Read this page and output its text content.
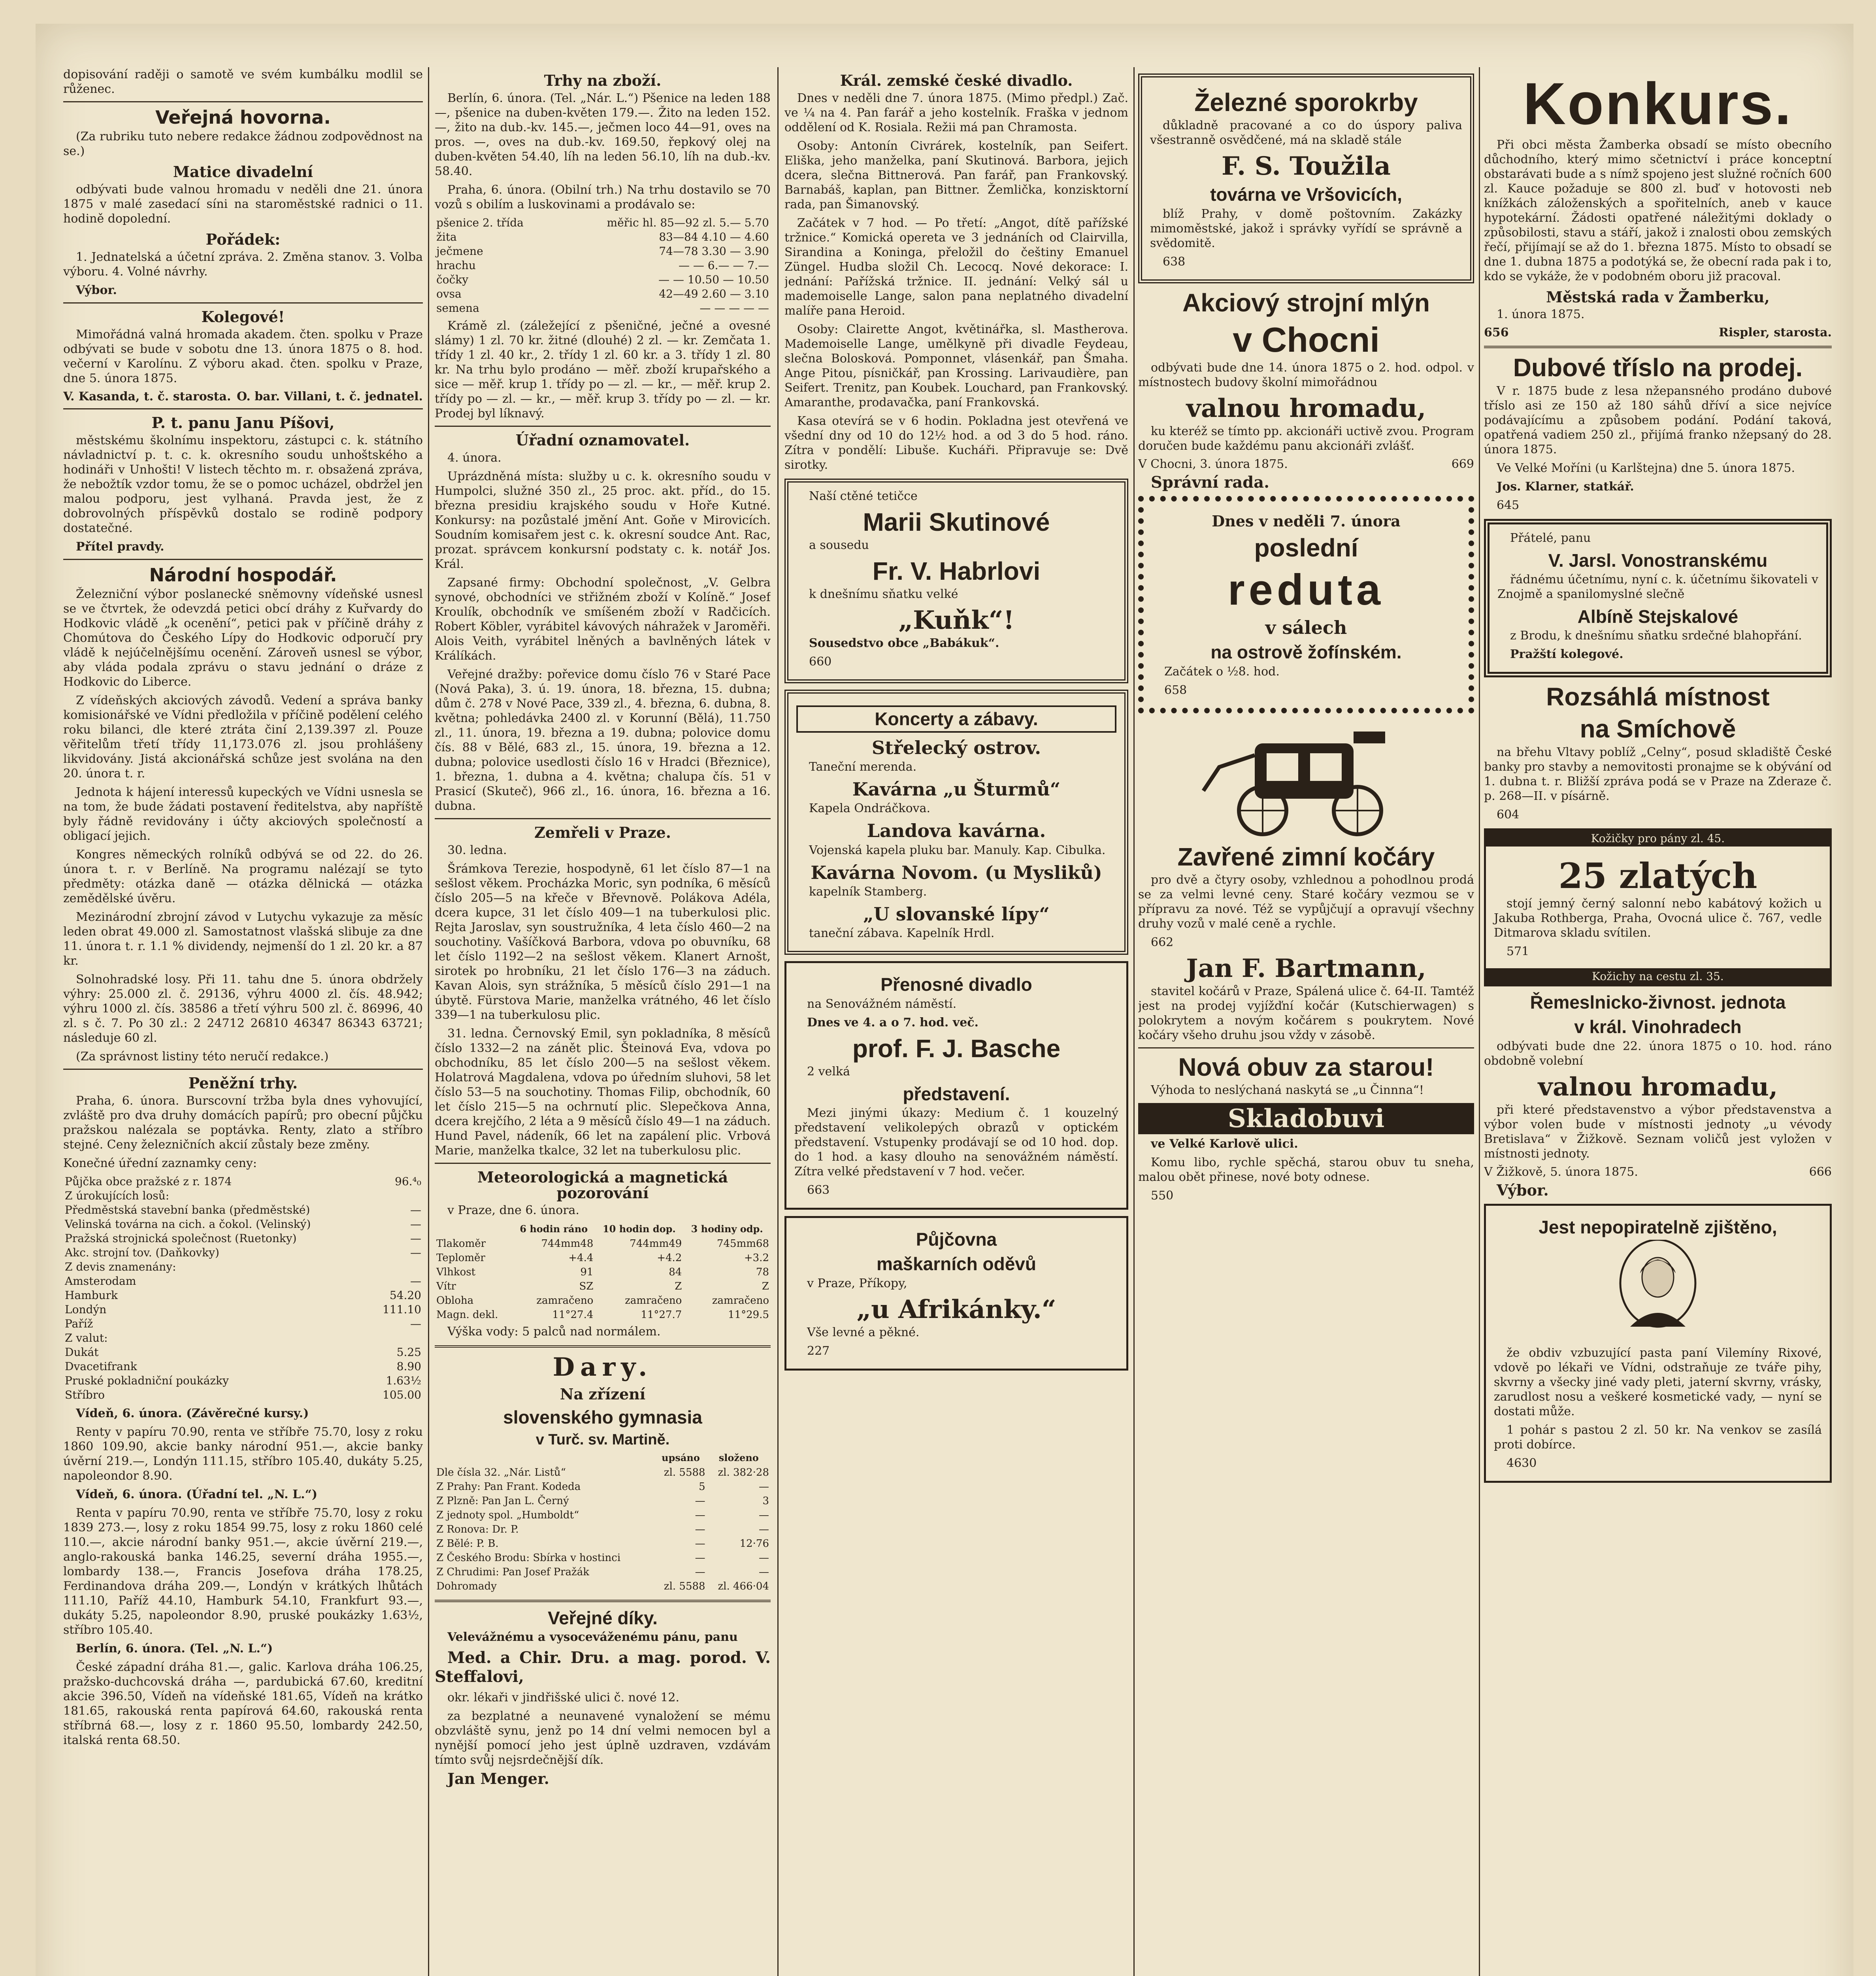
dopisování raději o samotě ve svém kumbálku modlil se růženec.

Veřejná hovorna.

(Za rubriku tuto nebere redakce žádnou zodpovědnost na se.)

Matice divadelní

odbývati bude valnou hromadu v neděli dne 21. února 1875 v malé zasedací síni na staroměstské radnici o 11. hodině dopolední.

Pořádek:

1. Jednatelská a účetní zpráva. 2. Změna stanov. 3. Volba výboru. 4. Volné návrhy.

Výbor.

Kolegové!

Mimořádná valná hromada akadem. čten. spolku v Praze odbývati se bude v sobotu dne 13. února 1875 o 8. hod. večerní v Karolínu. Z výboru akad. čten. spolku v Praze, dne 5. února 1875.

V. Kasanda, t. č. starosta. O. bar. Villani, t. č. jednatel.
P. t. panu Janu Píšovi,

městskému školnímu inspektoru, zástupci c. k. státního návladnictví p. t. c. k. okresního soudu unhoštského a hodináři v Unhošti! V listech těchto m. r. obsažená zpráva, že nebožtík vzdor tomu, že se o pomoc ucházel, obdržel jen malou podporu, jest vylhaná. Pravda jest, že z dobrovolných příspěvků dostalo se rodině podpory dostatečné.

Přítel pravdy.

Národní hospodář.

Železniční výbor poslanecké sněmovny vídeňské usnesl se ve čtvrtek, že odevzdá petici obcí dráhy z Kuřvardy do Hodkovic vládě „k ocenění“, petici pak v příčině dráhy z Chomútova do Českého Lípy do Hodkovic odporučí pry vládě k nejúčelnějšímu ocenění. Zároveň usnesl se výbor, aby vláda podala zprávu o stavu jednání o dráze z Hodkovic do Liberce.

Z vídeňských akciových závodů. Vedení a správa banky komisionářské ve Vídni předložila v příčině podělení celého roku bilanci, dle které ztráta činí 2,139.397 zl. Pouze věřitelům třetí třídy 11,173.076 zl. jsou prohlášeny likvidovány. Jistá akcionářská schůze jest svolána na den 20. února t. r.

Jednota k hájení interessů kupeckých ve Vídni usnesla se na tom, že bude žádati postavení ředitelstva, aby napříště byly řádně revidovány i účty akciových společností a obligací jejich.

Kongres německých rolníků odbývá se od 22. do 26. února t. r. v Berlíně. Na programu nalézají se tyto předměty: otázka daně — otázka dělnická — otázka zemědělské úvěru.

Mezinárodní zbrojní závod v Lutychu vykazuje za měsíc leden obrat 49.000 zl. Samostatnost vlašská slibuje za dne 11. února t. r. 1.1 % dividendy, nejmenší do 1 zl. 20 kr. a 87 kr.

Solnohradské losy. Při 11. tahu dne 5. února obdržely výhry: 25.000 zl. č. 29136, výhru 4000 zl. čís. 48.942; výhru 1000 zl. čís. 38586 a třetí výhru 500 zl. č. 86996, 40 zl. s č. 7. Po 30 zl.: 2 24712 26810 46347 86343 63721; následuje 60 zl.

(Za správnost listiny této neručí redakce.)

Peněžní trhy.

Praha, 6. února. Burscovní tržba byla dnes vyhovující, zvláště pro dva druhy domácích papírů; pro obecní půjčku pražskou nalézala se poptávka. Renty, zlato a stříbro stejné. Ceny železničních akcií zůstaly beze změny.

Konečné úřední zaznamky ceny:

Půjčka obce pražské z r. 1874	96.⁴₀
Z úrokujících losů:	
Předměstská stavební banka (předměstské)	—
Velinská továrna na cich. a čokol. (Velinský)	—
Pražská strojnická společnost (Ruetonky)	—
Akc. strojní tov. (Daňkovky)	—
Z devis znamenány:	
Amsterodam	—
Hamburk	54.20
Londýn	111.10
Paříž	—
Z valut:	
Dukát	5.25
Dvacetifrank	8.90
Pruské pokladniční poukázky	1.63¹⁄₂
Stříbro	105.00

Vídeň, 6. února. (Závěrečné kursy.)

Renty v papíru 70.90, renta ve stříbře 75.70, losy z roku 1860 109.90, akcie banky národní 951.—, akcie banky úvěrní 219.—, Londýn 111.15, stříbro 105.40, dukáty 5.25, napoleondor 8.90.

Vídeň, 6. února. (Úřadní tel. „N. L.“)

Renta v papíru 70.90, renta ve stříbře 75.70, losy z roku 1839 273.—, losy z roku 1854 99.75, losy z roku 1860 celé 110.—, akcie národní banky 951.—, akcie úvěrní 219.—, anglo-rakouská banka 146.25, severní dráha 1955.—, lombardy 138.—, Francis Josefova dráha 178.25, Ferdinandova dráha 209.—, Londýn v krátkých lhůtách 111.10, Paříž 44.10, Hamburk 54.10, Frankfurt 93.—, dukáty 5.25, napoleondor 8.90, pruské poukázky 1.63¹⁄₂, stříbro 105.40.

Berlín, 6. února. (Tel. „N. L.“)

České západní dráha 81.—, galic. Karlova dráha 106.25, pražsko-duchcovská dráha —, pardubická 67.60, kreditní akcie 396.50, Vídeň na vídeňské 181.65, Vídeň na krátko 181.65, rakouská renta papírová 64.60, rakouská renta stříbrná 68.—, losy z r. 1860 95.50, lombardy 242.50, italská renta 68.50.

Trhy na zboží.

Berlín, 6. února. (Tel. „Nár. L.“) Pšenice na leden 188—, pšenice na duben-květen 179.—. Žito na leden 152.—, žito na dub.-kv. 145.—, ječmen loco 44—91, oves na pros. —, oves na dub.-kv. 169.50, řepkový olej na duben-květen 54.40, líh na leden 56.10, líh na dub.-kv. 58.40.

Praha, 6. února. (Obilní trh.) Na trhu dostavilo se 70 vozů s obilím a luskovinami a prodávalo se:

pšenice 2. třída	měřic hl. 85—92 zl. 5.— 5.70
žita	83—84 4.10 — 4.60
ječmene	74—78 3.30 — 3.90
hrachu	— — 6.— — 7.—
čočky	— — 10.50 — 10.50
ovsa	42—49 2.60 — 3.10
semena	— — — — —

Krámě zl. (záležející z pšeničné, ječné a ovesné slámy) 1 zl. 70 kr. žitné (dlouhé) 2 zl. — kr. Zemčata 1. třídy 1 zl. 40 kr., 2. třídy 1 zl. 60 kr. a 3. třídy 1 zl. 80 kr. Na trhu bylo prodáno — měř. zboží krupařského a sice — měř. krup 1. třídy po — zl. — kr., — měř. krup 2. třídy po — zl. — kr., — měř. krup 3. třídy po — zl. — kr. Prodej byl líknavý.

Úřadní oznamovatel.

4. února.

Uprázdněná místa: služby u c. k. okresního soudu v Humpolci, služné 350 zl., 25 proc. akt. příd., do 15. března presidiu krajského soudu v Hoře Kutné. Konkursy: na pozůstalé jmění Ant. Goňe v Mirovicích. Soudním komisařem jest c. k. okresní soudce Ant. Rac, prozat. správcem konkursní podstaty c. k. notář Jos. Král.

Zapsané firmy: Obchodní společnost, „V. Gelbra synové, obchodníci ve střižném zboží v Kolíně.“ Josef Kroulík, obchodník ve smíšeném zboží v Radčicích. Robert Köbler, vyrábitel kávových náhražek v Jaroměři. Alois Veith, vyrábitel lněných a bavlněných látek v Králíkách.

Veřejné dražby: pořevice domu číslo 76 v Staré Pace (Nová Paka), 3. ú. 19. února, 18. března, 15. dubna; dům č. 278 v Nové Pace, 339 zl., 4. března, 6. dubna, 8. května; pohledávka 2400 zl. v Korunní (Bělá), 11.750 zl., 11. února, 19. března a 19. dubna; polovice domu čís. 88 v Bělé, 683 zl., 15. února, 19. března a 12. dubna; polovice usedlosti číslo 16 v Hradci (Březnice), 1. března, 1. dubna a 4. května; chalupa čís. 51 v Prasicí (Skuteč), 966 zl., 16. února, 16. března a 16. dubna.

Zemřeli v Praze.

30. ledna.

Šrámkova Terezie, hospodyně, 61 let číslo 87—1 na sešlost věkem. Procházka Moric, syn podníka, 6 měsíců číslo 205—5 na křeče v Břevnově. Polákova Adéla, dcera kupce, 31 let číslo 409—1 na tuberkulosi plic. Rejta Jaroslav, syn soustružníka, 4 leta číslo 460—2 na souchotiny. Vašíčková Barbora, vdova po obuvníku, 68 let číslo 1192—2 na sešlost věkem. Klanert Arnošt, sirotek po hrobníku, 21 let číslo 176—3 na záduch. Kavan Alois, syn strážníka, 5 měsíců číslo 291—1 na úbytě. Fürstova Marie, manželka vrátného, 46 let číslo 339—1 na tuberkulosu plic.

31. ledna. Černovský Emil, syn pokladníka, 8 měsíců číslo 1332—2 na zánět plic. Šteinová Eva, vdova po obchodníku, 85 let číslo 200—5 na sešlost věkem. Holatrová Magdalena, vdova po úředním sluhovi, 58 let číslo 53—5 na souchotiny. Thomas Filip, obchodník, 60 let číslo 215—5 na ochrnutí plic. Slepečkova Anna, dcera krejčího, 2 léta a 9 měsíců číslo 49—1 na záduch. Hund Pavel, nádeník, 66 let na zapálení plic. Vrbová Marie, manželka tkalce, 32 let na tuberkulosu plic.

Meteorologická a magnetická pozorování

v Praze, dne 6. února.

	6 hodin ráno	10 hodin dop.	3 hodiny odp.
Tlakoměr	744mm48	744mm49	745mm68
Teploměr	+4.4	+4.2	+3.2
Vlhkost	91	84	78
Vítr	SZ	Z	Z
Obloha	zamračeno	zamračeno	zamračeno
Magn. dekl.	11°27.4	11°27.7	11°29.5

Výška vody: 5 palců nad normálem.

Dary.
Na zřízení
slovenského gymnasia
v Turč. sv. Martině.
	upsáno	složeno
Dle čísla 32. „Nár. Listů“	zl. 5588	zl. 382·28
Z Prahy: Pan Frant. Kodeda	5	—
Z Plzně: Pan Jan L. Černý	—	3
Z jednoty spol. „Humboldt“	—	—
Z Ronova: Dr. P.	—	—
Z Bělé: P. B.	—	12·76
Z Českého Brodu: Sbírka v hostinci	—	—
Z Chrudimi: Pan Josef Pražák	—	—
Dohromady	zl. 5588	zl. 466·04
Veřejné díky.

Velevážnému a vysoceváženému pánu, panu

Med. a Chir. Dru. a mag. porod. V. Steffalovi,

okr. lékaři v jindřišské ulici č. nové 12.

za bezplatné a neunavené vynaložení se mému obzvláště synu, jenž po 14 dní velmi nemocen byl a nynější pomocí jeho jest úplně uzdraven, vzdávám tímto svůj nejsrdečnější dík.

Jan Menger.

Král. zemské české divadlo.

Dnes v neděli dne 7. února 1875. (Mimo předpl.) Zač. ve ¼ na 4. Pan farář a jeho kostelník. Fraška v jednom oddělení od K. Rosiala. Režii má pan Chramosta.

Osoby: Antonín Civrárek, kostelník, pan Seifert. Eliška, jeho manželka, paní Skutinová. Barbora, jejich dcera, slečna Bittnerová. Pan farář, pan Frankovský. Barnabáš, kaplan, pan Bittner. Žemlička, konzisktorní rada, pan Šimanovský.

Začátek v 7 hod. — Po třetí: „Angot, dítě pařížské tržnice.“ Komická opereta ve 3 jednáních od Clairvilla, Sirandina a Koninga, přeložil do češtiny Emanuel Züngel. Hudba složil Ch. Lecocq. Nové dekorace: I. jednání: Pařížská tržnice. II. jednání: Velký sál u mademoiselle Lange, salon pana neplatného divadelní malíře pana Heroid.

Osoby: Clairette Angot, květinářka, sl. Mastherova. Mademoiselle Lange, umělkyně při divadle Feydeau, slečna Bolosková. Pomponnet, vlásenkář, pan Šmaha. Ange Pitou, písničkář, pan Krossing. Larivaudière, pan Seifert. Trenitz, pan Koubek. Louchard, pan Frankovský. Amaranthe, prodavačka, paní Frankovská.

Kasa otevírá se v 6 hodin. Pokladna jest otevřená ve všední dny od 10 do 12½ hod. a od 3 do 5 hod. ráno. Zítra v pondělí: Libuše. Kucháři. Připravuje se: Dvě sirotky.

Naší ctěné tetičce

Marii Skutinové

a sousedu

Fr. V. Habrlovi

k dnešnímu sňatku velké

„Kuňk“!

Sousedstvo obce „Babákuk“.

660

Koncerty a zábavy.
Střelecký ostrov.

Taneční merenda.

Kavárna „u Šturmů“

Kapela Ondráčkova.

Landova kavárna.

Vojenská kapela pluku bar. Manuly. Kap. Cibulka.

Kavárna Novom. (u Mysliků)

kapelník Stamberg.

„U slovanské lípy“

taneční zábava. Kapelník Hrdl.

Přenosné divadlo

na Senovážném náměstí.

Dnes ve 4. a o 7. hod. več.

prof. F. J. Basche

2 velká

představení.

Mezi jinými úkazy: Medium č. 1 kouzelný představení velikolepých obrazů v optickém představení. Vstupenky prodávají se od 10 hod. dop. do 1 hod. a kasy dlouho na senovážném náměstí. Zítra velké představení v 7 hod. večer.

663

Půjčovna
maškarních oděvů

v Praze, Příkopy,

„u Afrikánky.“

Vše levné a pěkné.

227

Železné sporokrby

důkladně pracované a co do úspory paliva všestranně osvědčené, má na skladě stále

F. S. Toužila
továrna ve Vršovicích,

blíž Prahy, v domě poštovním. Zakázky mimoměstské, jakož i správky vyřídí se správně a svědomitě.

638

Akciový strojní mlýn
v Chocni

odbývati bude dne 14. února 1875 o 2. hod. odpol. v místnostech budovy školní mimořádnou

valnou hromadu,

ku kteréž se tímto pp. akcionáři uctivě zvou. Program doručen bude každému panu akcionáři zvlášť.

V Chocni, 3. února 1875.	669

Správní rada.

Dnes v neděli 7. února
poslední
reduta
v sálech
na ostrově žofínském.

Začátek o ¹⁄₂8. hod.

658

Zavřené zimní kočáry

pro dvě a čtyry osoby, vzhlednou a pohodlnou prodá se za velmi levné ceny. Staré kočáry vezmou se v přípravu za nové. Též se vypůjčují a opravují všechny druhy vozů v malé ceně a rychle.

662

Jan F. Bartmann,

stavitel kočárů v Praze, Spálená ulice č. 64-II. Tamtéž jest na prodej vyjížďní kočár (Kutschierwagen) s polokrytem a novým kočárem s poukrytem. Nové kočáry všeho druhu jsou vždy v zásobě.

Nová obuv za starou!

Výhoda to neslýchaná naskytá se „u Činnna“!

Skladobuvi

ve Velké Karlově ulici.

Komu libo, rychle spěchá, starou obuv tu sneha, malou obět přinese, nové boty odnese.

550

Konkurs.

Při obci města Žamberka obsadí se místo obecního důchodního, který mimo sčetnictví i práce konceptní obstarávati bude a s nímž spojeno jest služné ročních 600 zl. Kauce požaduje se 800 zl. buď v hotovosti neb knížkách záloženských a spořitelních, aneb v kauce hypotekární. Žádosti opatřené náležitými doklady o způsobilosti, stavu a stáří, jakož i znalosti obou zemských řečí, přijímají se až do 1. března 1875. Místo to obsadí se dne 1. dubna 1875 a podotýká se, že obecní rada pak i to, kdo se vykáže, že v podobném oboru již pracoval.

Městská rada v Žamberku,

1. února 1875.

656	Rispler, starosta.
Dubové tříslo na prodej.

V r. 1875 bude z lesa nžepansného prodáno dubové tříslo asi ze 150 až 180 sáhů dříví a sice nejvíce podávajícímu a způsobem podání. Podání taková, opatřená vadiem 250 zl., přijímá franko nžepsaný do 28. února 1875.

Ve Velké Moříni (u Karlštejna) dne 5. února 1875.

Jos. Klarner, statkář.

645

Přátelé, panu

V. Jarsl. Vonostranskému

řádnému účetnímu, nyní c. k. účetnímu šikovateli v Znojmě a spanilomyslné slečně

Albíně Stejskalové

z Brodu, k dnešnímu sňatku srdečné blahopřání.

Pražští kolegové.

Rozsáhlá místnost
na Smíchově

na břehu Vltavy poblíž „Celny“, posud skladiště České banky pro stavby a nemovitosti pronajme se k obývání od 1. dubna t. r. Bližší zpráva podá se v Praze na Zderaze č. p. 268—II. v písárně.

604

Kožičky pro pány zl. 45.
25 zlatých

stojí jemný černý salonní nebo kabátový kožich u Jakuba Rothberga, Praha, Ovocná ulice č. 767, vedle Ditmarova skladu svítilen.

571

Kožichy na cestu zl. 35.
Řemeslnicko-živnost. jednota
v král. Vinohradech

odbývati bude dne 22. února 1875 o 10. hod. ráno obdobně volební

valnou hromadu,

při které představenstvo a výbor představenstva a výbor volen bude v místnosti jednoty „u vévody Bretislava“ v Žižkově. Seznam voličů jest vyložen v místnosti jednoty.

V Žižkově, 5. února 1875.	666

Výbor.

Jest nepopiratelně zjištěno,

že obdiv vzbuzující pasta paní Vilemíny Rixové, vdově po lékaři ve Vídni, odstraňuje ze tváře pihy, skvrny a všecky jiné vady pleti, jaterní skvrny, vrásky, zarudlost nosu a veškeré kosmetické vady, — nyní se dostati může.

1 pohár s pastou 2 zl. 50 kr. Na venkov se zasílá proti dobírce.

4630
